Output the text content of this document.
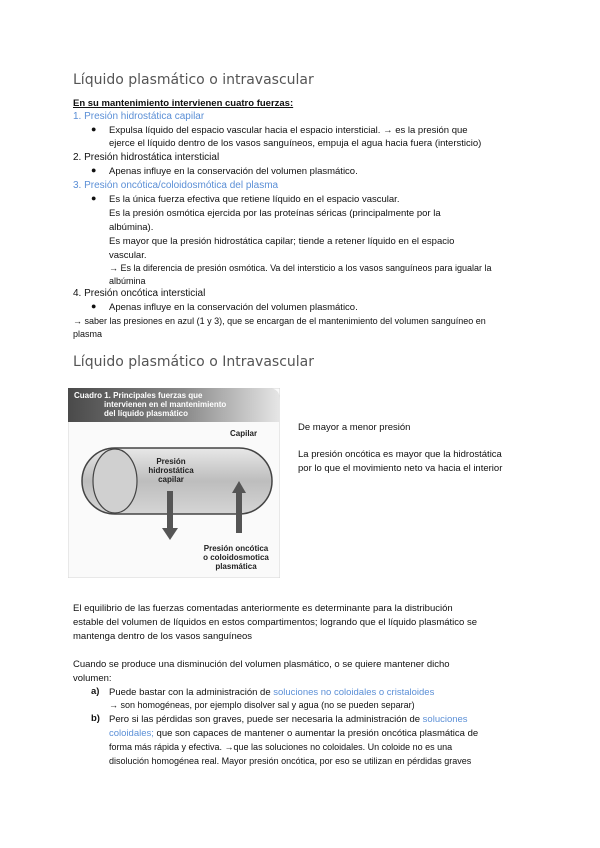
Líquido plasmático o intravascular
En su mantenimiento intervienen cuatro fuerzas:
1. Presión hidrostática capilar
● Expulsa líquido del espacio vascular hacia el espacio intersticial. → es la presión que
ejerce el líquido dentro de los vasos sanguíneos, empuja el agua hacia fuera (intersticio)
2. Presión hidrostática intersticial
● Apenas influye en la conservación del volumen plasmático.
3. Presión oncótica/coloidosmótica del plasma
● Es la única fuerza efectiva que retiene líquido en el espacio vascular.
Es la presión osmótica ejercida por las proteínas séricas (principalmente por la
albúmina).
Es mayor que la presión hidrostática capilar; tiende a retener líquido en el espacio
vascular.
→ Es la diferencia de presión osmótica. Va del intersticio a los vasos sanguíneos para igualar la
albúmina
4. Presión oncótica intersticial
● Apenas influye en la conservación del volumen plasmático.
→ saber las presiones en azul (1 y 3), que se encargan de el mantenimiento del volumen sanguíneo en
plasma
Líquido plasmático o Intravascular
Cuadro 1. Principales fuerzas que
intervienen en el mantenimiento
del líquido plasmático
Capilar
Presión
hidrostática
capilar
Presión oncótica
o coloidosmotica
plasmática
De mayor a menor presión
La presión oncótica es mayor que la hidrostática
por lo que el movimiento neto va hacia el interior
El equilibrio de las fuerzas comentadas anteriormente es determinante para la distribución
estable del volumen de líquidos en estos compartimentos; logrando que el líquido plasmático se
mantenga dentro de los vasos sanguíneos
Cuando se produce una disminución del volumen plasmático, o se quiere mantener dicho
volumen:
a) Puede bastar con la administración de soluciones no coloidales o cristaloides
→ son homogéneas, por ejemplo disolver sal y agua (no se pueden separar)
b) Pero si las pérdidas son graves, puede ser necesaria la administración de soluciones
coloidales; que son capaces de mantener o aumentar la presión oncótica plasmática de
forma más rápida y efectiva. →que las soluciones no coloidales. Un coloide no es una
disolución homogénea real. Mayor presión oncótica, por eso se utilizan en pérdidas graves
